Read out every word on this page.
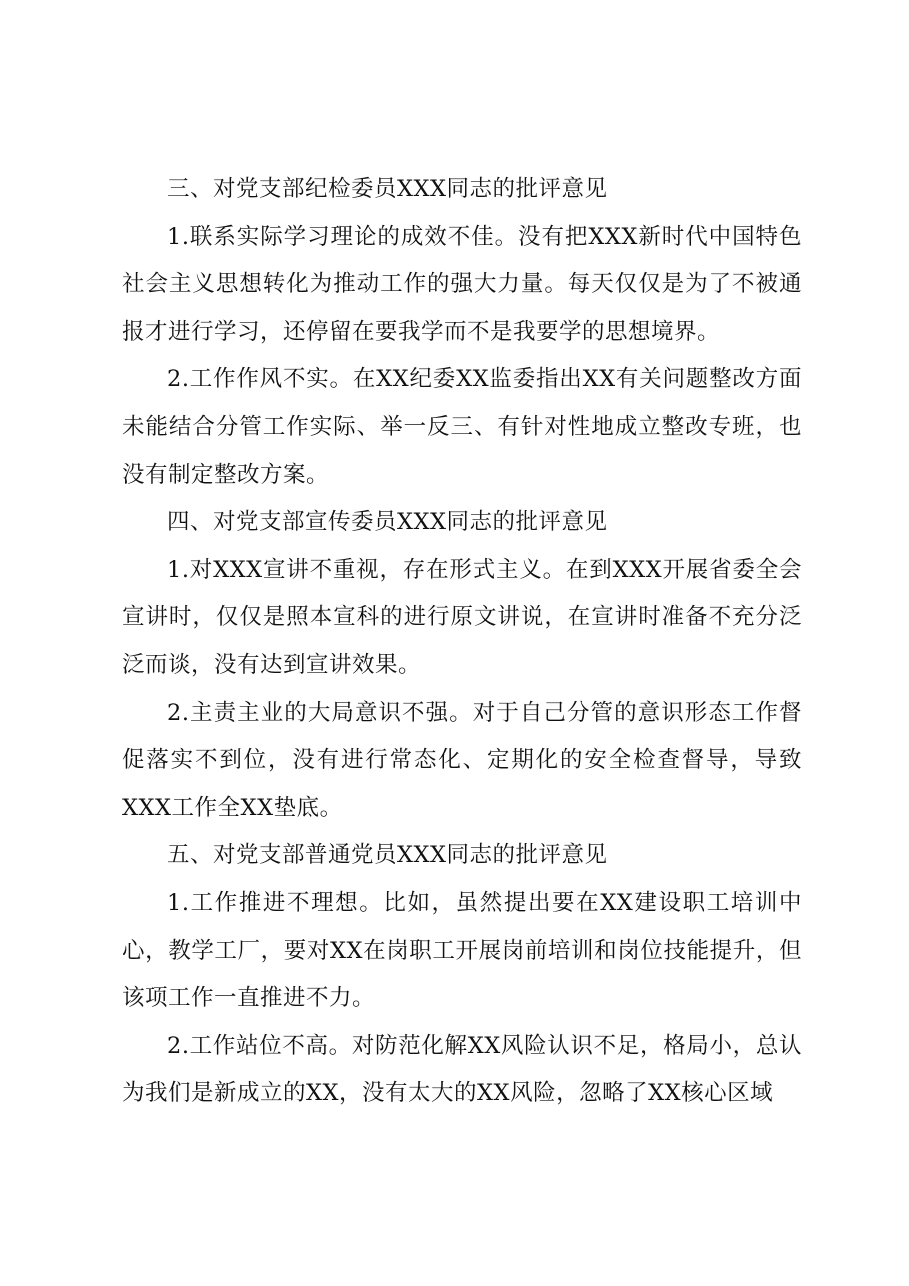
三、对党支部纪检委员XXX同志的批评意见

1.联系实际学习理论的成效不佳。没有把XXX新时代中国特色社会主义思想转化为推动工作的强大力量。每天仅仅是为了不被通报才进行学习，还停留在要我学而不是我要学的思想境界。

2.工作作风不实。在XX纪委XX监委指出XX有关问题整改方面未能结合分管工作实际、举一反三、有针对性地成立整改专班，也没有制定整改方案。

四、对党支部宣传委员XXX同志的批评意见

1.对XXX宣讲不重视，存在形式主义。在到XXX开展省委全会宣讲时，仅仅是照本宣科的进行原文讲说，在宣讲时准备不充分泛泛而谈，没有达到宣讲效果。

2.主责主业的大局意识不强。对于自己分管的意识形态工作督促落实不到位，没有进行常态化、定期化的安全检查督导，导致XXX工作全XX垫底。

五、对党支部普通党员XXX同志的批评意见

1.工作推进不理想。比如，虽然提出要在XX建设职工培训中心，教学工厂，要对XX在岗职工开展岗前培训和岗位技能提升，但该项工作一直推进不力。

2.工作站位不高。对防范化解XX风险认识不足，格局小，总认为我们是新成立的XX，没有太大的XX风险，忽略了XX核心区域
